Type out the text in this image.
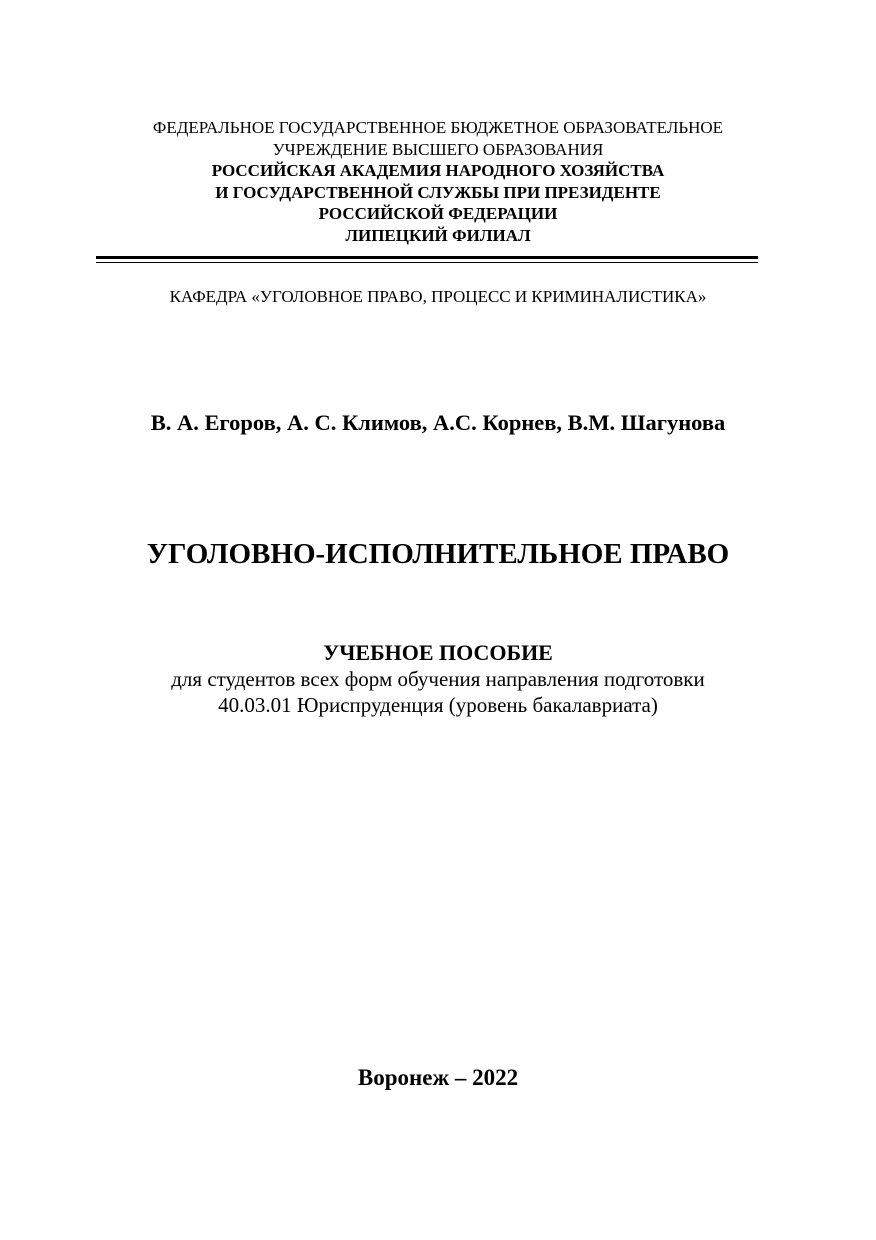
ФЕДЕРАЛЬНОЕ ГОСУДАРСТВЕННОЕ БЮДЖЕТНОЕ ОБРАЗОВАТЕЛЬНОЕ
УЧРЕЖДЕНИЕ ВЫСШЕГО ОБРАЗОВАНИЯ
РОССИЙСКАЯ АКАДЕМИЯ НАРОДНОГО ХОЗЯЙСТВА
И ГОСУДАРСТВЕННОЙ СЛУЖБЫ ПРИ ПРЕЗИДЕНТЕ
РОССИЙСКОЙ ФЕДЕРАЦИИ
ЛИПЕЦКИЙ ФИЛИАЛ
КАФЕДРА «УГОЛОВНОЕ ПРАВО, ПРОЦЕСС И КРИМИНАЛИСТИКА»
В. А. Егоров, А. С. Климов, А.С. Корнев, В.М. Шагунова
УГОЛОВНО-ИСПОЛНИТЕЛЬНОЕ ПРАВО
УЧЕБНОЕ ПОСОБИЕ
для студентов всех форм обучения направления подготовки
40.03.01 Юриспруденция (уровень бакалавриата)
Воронеж – 2022
